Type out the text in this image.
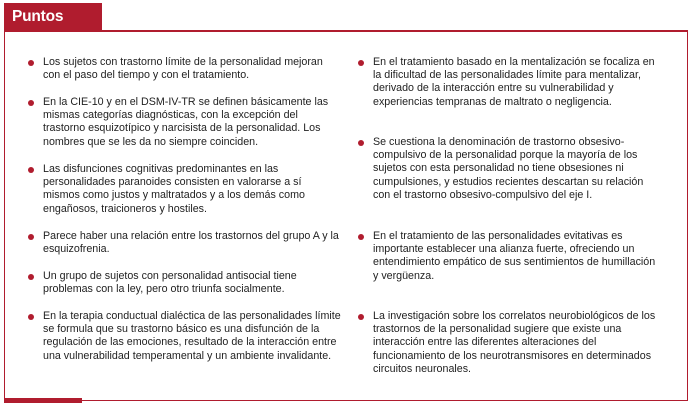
Puntos clave
Los sujetos con trastorno límite de la personalidad mejoran con el paso del tiempo y con el tratamiento.
En la CIE-10 y en el DSM-IV-TR se definen básicamente las mismas categorías diagnósticas, con la excepción del trastorno esquizotípico y narcisista de la personalidad. Los nombres que se les da no siempre coinciden.
Las disfunciones cognitivas predominantes en las personalidades paranoides consisten en valorarse a sí mismos como justos y maltratados y a los demás como engañosos, traicioneros y hostiles.
Parece haber una relación entre los trastornos del grupo A y la esquizofrenia.
Un grupo de sujetos con personalidad antisocial tiene problemas con la ley, pero otro triunfa socialmente.
En la terapia conductual dialéctica de las personalidades límite se formula que su trastorno básico es una disfunción de la regulación de las emociones, resultado de la interacción entre una vulnerabilidad temperamental y un ambiente invalidante.
En el tratamiento basado en la mentalización se focaliza en la dificultad de las personalidades límite para mentalizar, derivado de la interacción entre su vulnerabilidad y experiencias tempranas de maltrato o negligencia.
Se cuestiona la denominación de trastorno obsesivo-compulsivo de la personalidad porque la mayoría de los sujetos con esta personalidad no tiene obsesiones ni cumpulsiones, y estudios recientes descartan su relación con el trastorno obsesivo-compulsivo del eje I.
En el tratamiento de las personalidades evitativas es importante establecer una alianza fuerte, ofreciendo un entendimiento empático de sus sentimientos de humillación y vergüenza.
La investigación sobre los correlatos neurobiológicos de los trastornos de la personalidad sugiere que existe una interacción entre las diferentes alteraciones del funcionamiento de los neurotransmisores en determinados circuitos neuronales.
